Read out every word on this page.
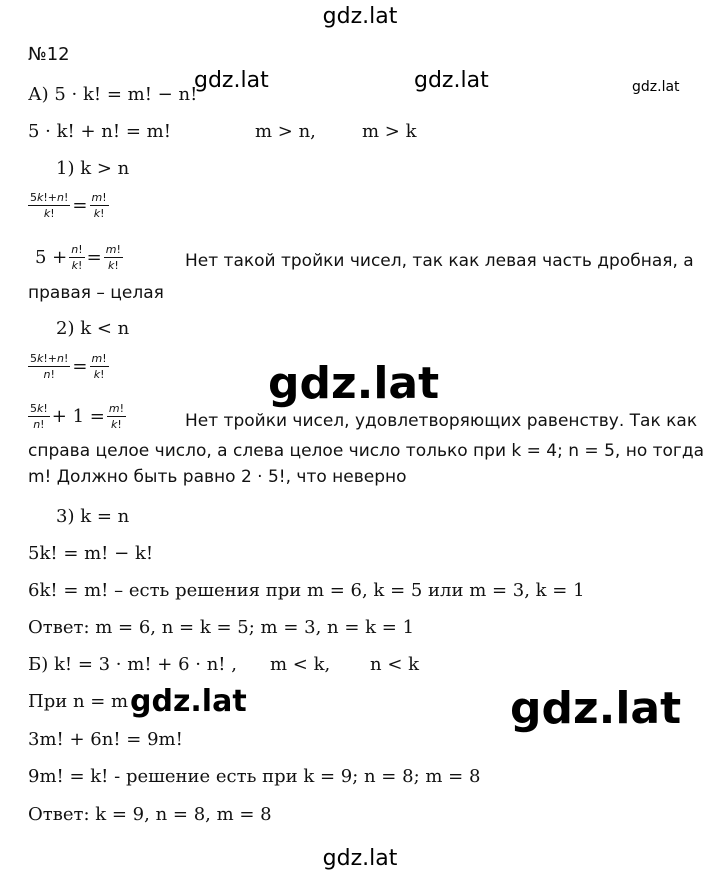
gdz.lat
gdz.lat	gdz.lat	gdz.lat
№12
А) 5 · k! = m! − n!
5 · k! + n! = m!	m > n,	m > k
1) k > n
$\frac{5k!+n!}{k!} = \frac{m!}{k!}$
$5 + \frac{n!}{k!} = \frac{m!}{k!}$	Нет такой тройки чисел, так как левая часть дробная, а
правая – целая
2) k < n
$\frac{5k!+n!}{n!} = \frac{m!}{k!}$	gdz.lat
$\frac{5k!}{n!} + 1 = \frac{m!}{k!}$	Нет тройки чисел, удовлетворяющих равенству. Так как
справа целое число, а слева целое число только при k = 4; n = 5, но тогда
m! Должно быть равно 2 · 5!, что неверно
3) k = n
5k! = m! − k!
6k! = m! – есть решения при m = 6, k = 5 или m = 3, k = 1
Ответ: m = 6, n = k = 5; m = 3, n = k = 1
Б) k! = 3 · m! + 6 · n! , m < k, n < k
При n = m gdz.lat	gdz.lat
3m! + 6n! = 9m!
9m! = k! - решение есть при k = 9; n = 8; m = 8
Ответ: k = 9, n = 8, m = 8
gdz.lat
